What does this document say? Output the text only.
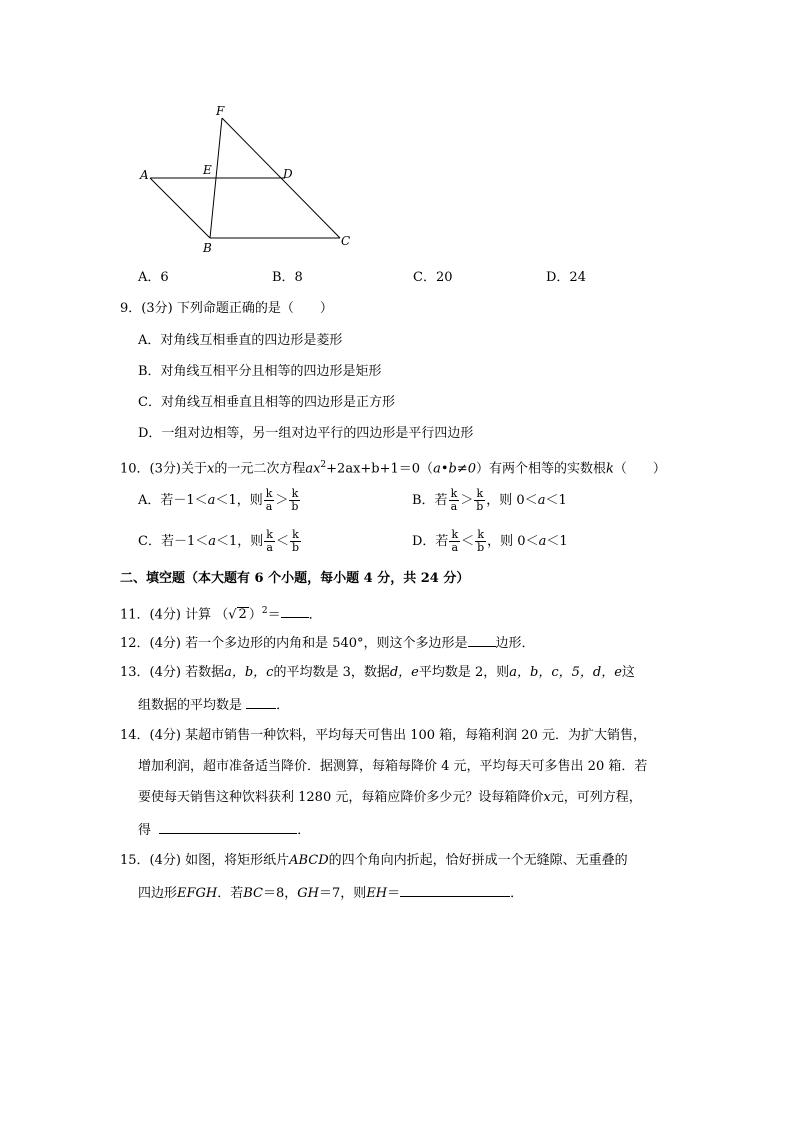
F
A	E	D
B	C
A．6	B．8	C．20	D．24
9．(3分) 下列命题正确的是（　　）
A．对角线互相垂直的四边形是菱形
B．对角线互相平分且相等的四边形是矩形
C．对角线互相垂直且相等的四边形是正方形
D．一组对边相等，另一组对边平行的四边形是平行四边形
10．(3分)关于x的一元二次方程$ax^2+2ax+b+1=0(a•b\ne 0)$有两个相等的实数根k（　　）
A．若－1＜a＜1，则 $\frac{k}{a} > \frac{k}{b}$	B．若 $\frac{k}{a} > \frac{k}{b}$ ，则 0＜a＜1
C．若－1＜a＜1，则 $\frac{k}{a} < \frac{k}{b}$	D．若 $\frac{k}{a} < \frac{k}{b}$ ，则 0＜a＜1
二、填空题（本大题有 6 个小题，每小题 4 分，共 24 分）
11．(4分) 计算 （√ 2 ）$^2$＝ ．
12．(4分) 若一个多边形的内角和是 540°，则这个多边形是 边形．
13．(4分) 若数据a，b，c的平均数是 3，数据d，e平均数是 2，则a，b，c，5，d，e这
组数据的平均数是	．
14．(4分) 某超市销售一种饮料，平均每天可售出 100 箱，每箱利润 20 元．为扩大销售，
增加利润，超市准备适当降价．据测算，每箱每降价 4 元，平均每天可多售出 20 箱．若
要使每天销售这种饮料获利 1280 元，每箱应降价多少元？设每箱降价x元，可列方程，
得	．
15．(4分) 如图，将矩形纸片ABCD的四个角向内折起，恰好拼成一个无缝隙、无重叠的
四边形EFGH．若BC＝8，GH＝7，则EH＝	．
